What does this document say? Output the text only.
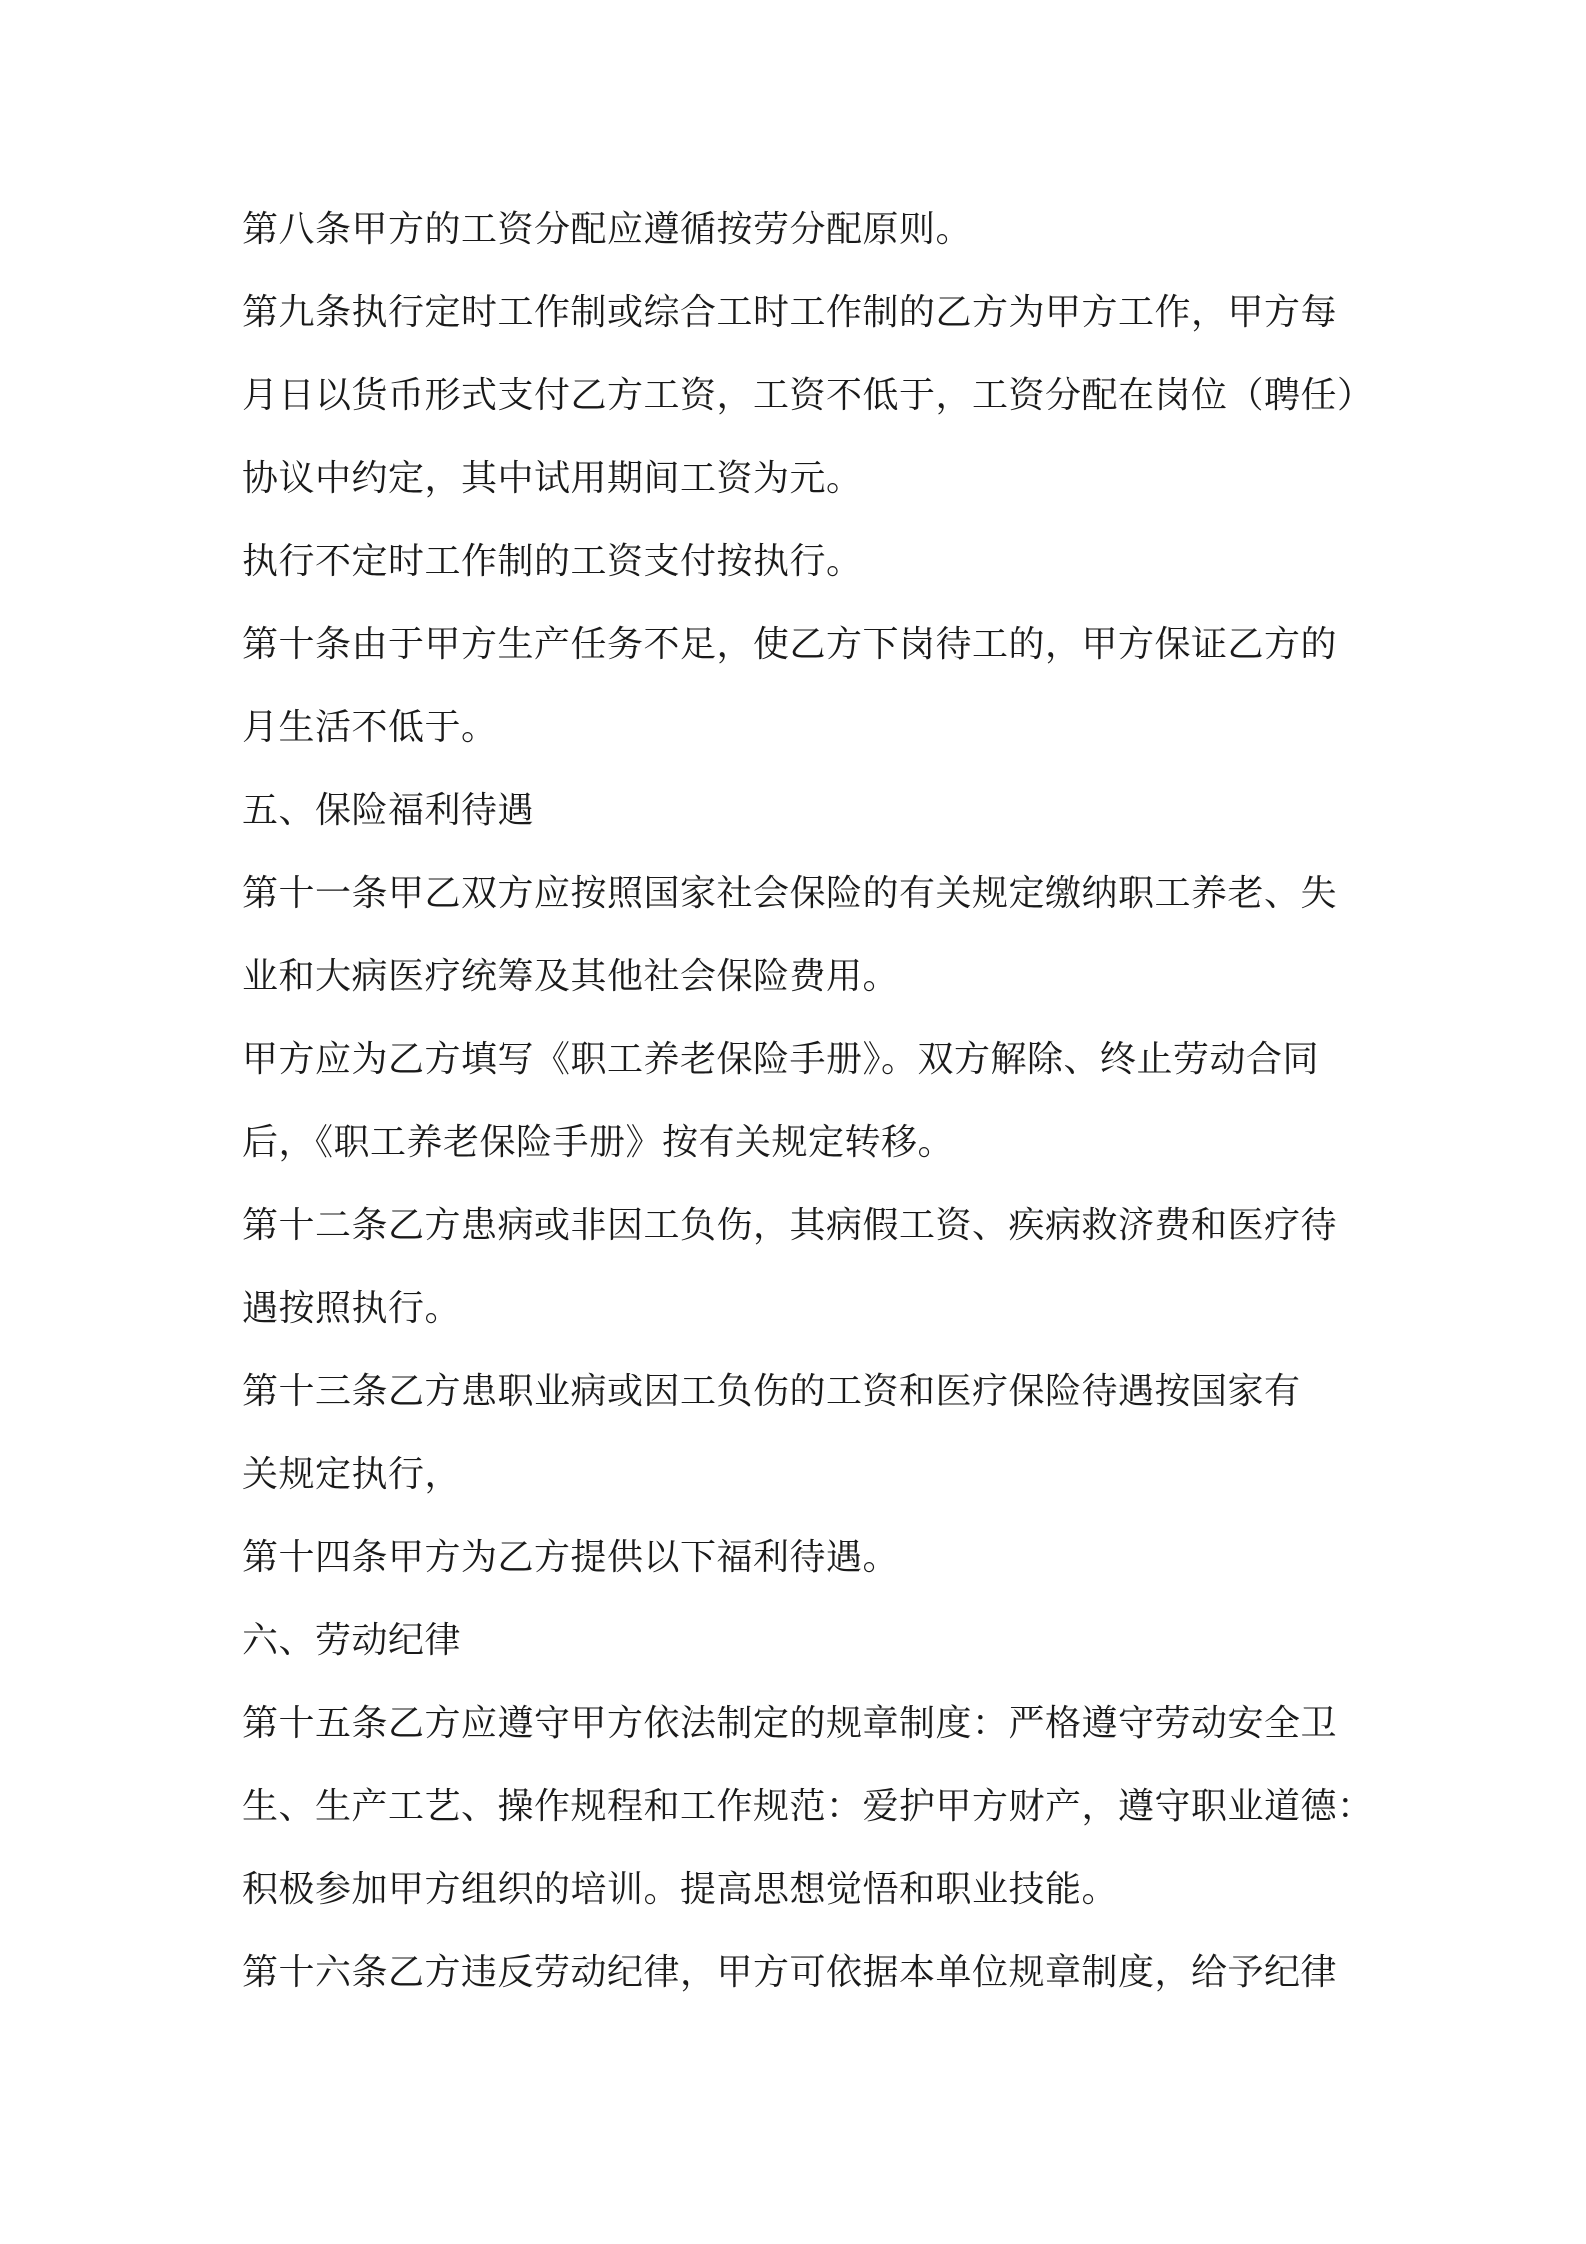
第八条甲方的工资分配应遵循按劳分配原则。

第九条执行定时工作制或综合工时工作制的乙方为甲方工作，甲方每

月日以货币形式支付乙方工资，工资不低于，工资分配在岗位（聘任）

协议中约定，其中试用期间工资为元。

执行不定时工作制的工资支付按执行。

第十条由于甲方生产任务不足，使乙方下岗待工的，甲方保证乙方的

月生活不低于。

五、保险福利待遇

第十一条甲乙双方应按照国家社会保险的有关规定缴纳职工养老、失

业和大病医疗统筹及其他社会保险费用。

甲方应为乙方填写《职工养老保险手册》。双方解除、终止劳动合同

后，《职工养老保险手册》按有关规定转移。

第十二条乙方患病或非因工负伤，其病假工资、疾病救济费和医疗待

遇按照执行。

第十三条乙方患职业病或因工负伤的工资和医疗保险待遇按国家有

关规定执行，

第十四条甲方为乙方提供以下福利待遇。

六、劳动纪律

第十五条乙方应遵守甲方依法制定的规章制度：严格遵守劳动安全卫

生、生产工艺、操作规程和工作规范：爱护甲方财产，遵守职业道德：

积极参加甲方组织的培训。提高思想觉悟和职业技能。

第十六条乙方违反劳动纪律，甲方可依据本单位规章制度，给予纪律
